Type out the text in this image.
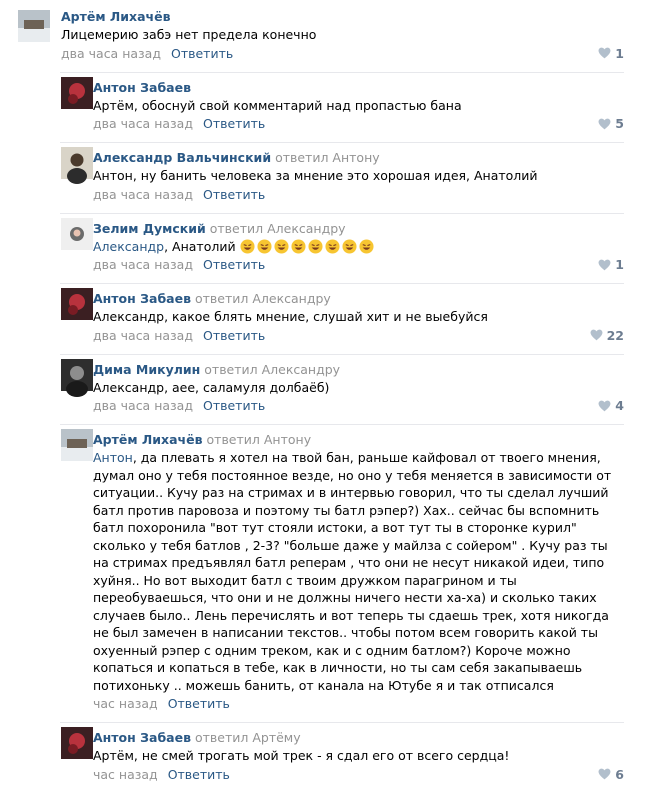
Артём Лихачёв
Лицемерию забэ нет предела конечно
два часа назад Ответить	1
Антон Забаев
Артём, обоснуй свой комментарий над пропастью бана
два часа назад Ответить	5
Александр Вальчинский ответил Антону
Антон, ну банить человека за мнение это хорошая идея, Анатолий
два часа назад Ответить
Зелим Думский ответил Александру
Александр, Анатолий
два часа назад Ответить	1
Антон Забаев ответил Александру
Александр, какое блять мнение, слушай хит и не выебуйся
два часа назад Ответить	22
Дима Микулин ответил Александру
Александр, аее, саламуля долбаёб)
два часа назад Ответить	4
Артём Лихачёв ответил Антону
Антон, да плевать я хотел на твой бан, раньше кайфовал от твоего мнения, думал оно у тебя постоянное везде, но оно у тебя меняется в зависимости от ситуации.. Кучу раз на стримах и в интервью говорил, что ты сделал лучший батл против паровоза и поэтому ты батл рэпер?) Хах.. сейчас бы вспомнить батл похоронила "вот тут стояли истоки, а вот тут ты в сторонке курил" сколько у тебя батлов , 2-3? "больше даже у майлза с сойером" . Кучу раз ты на стримах предъявлял батл реперам , что они не несут никакой идеи, типо хуйня.. Но вот выходит батл с твоим дружком парагрином и ты переобуваешься, что они и не должны ничего нести ха-ха) и сколько таких случаев было.. Лень перечислять и вот теперь ты сдаешь трек, хотя никогда не был замечен в написании текстов.. чтобы потом всем говорить какой ты охуенный рэпер с одним треком, как и с одним батлом?) Короче можно копаться и копаться в тебе, как в личности, но ты сам себя закапываешь потихоньку .. можешь банить, от канала на Ютубе я и так отписался
час назад Ответить
Антон Забаев ответил Артёму
Артём, не смей трогать мой трек - я сдал его от всего сердца!
час назад Ответить	6
